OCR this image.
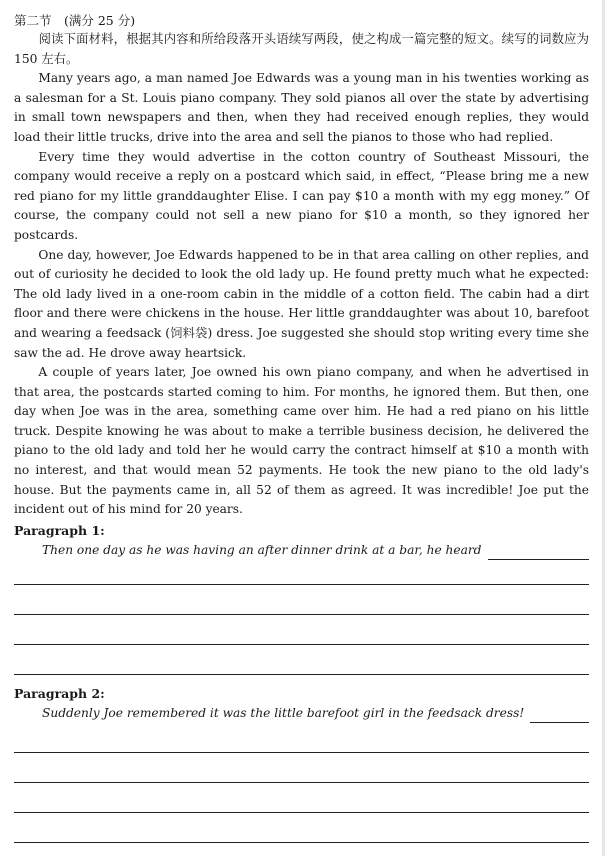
第二节　(满分 25 分)

阅读下面材料，根据其内容和所给段落开头语续写两段，使之构成一篇完整的短文。续写的词数应为 150 左右。

Many years ago, a man named Joe Edwards was a young man in his twenties working as a salesman for a St. Louis piano company. They sold pianos all over the state by advertising in small town newspapers and then, when they had received enough replies, they would load their little trucks, drive into the area and sell the pianos to those who had replied.

Every time they would advertise in the cotton country of Southeast Missouri, the company would receive a reply on a postcard which said, in effect, “Please bring me a new red piano for my little granddaughter Elise. I can pay $10 a month with my egg money.” Of course, the company could not sell a new piano for $10 a month, so they ignored her postcards.

One day, however, Joe Edwards happened to be in that area calling on other replies, and out of curiosity he decided to look the old lady up. He found pretty much what he expected: The old lady lived in a one-room cabin in the middle of a cotton field. The cabin had a dirt floor and there were chickens in the house. Her little granddaughter was about 10, barefoot and wearing a feedsack (饲料袋) dress. Joe suggested she should stop writing every time she saw the ad. He drove away heartsick.

A couple of years later, Joe owned his own piano company, and when he advertised in that area, the postcards started coming to him. For months, he ignored them. But then, one day when Joe was in the area, something came over him. He had a red piano on his little truck. Despite knowing he was about to make a terrible business decision, he delivered the piano to the old lady and told her he would carry the contract himself at $10 a month with no interest, and that would mean 52 payments. He took the new piano to the old lady's house. But the payments came in, all 52 of them as agreed. It was incredible! Joe put the incident out of his mind for 20 years.

Paragraph 1:

Then one day as he was having an after dinner drink at a bar, he heard

Paragraph 2:

Suddenly Joe remembered it was the little barefoot girl in the feedsack dress!
